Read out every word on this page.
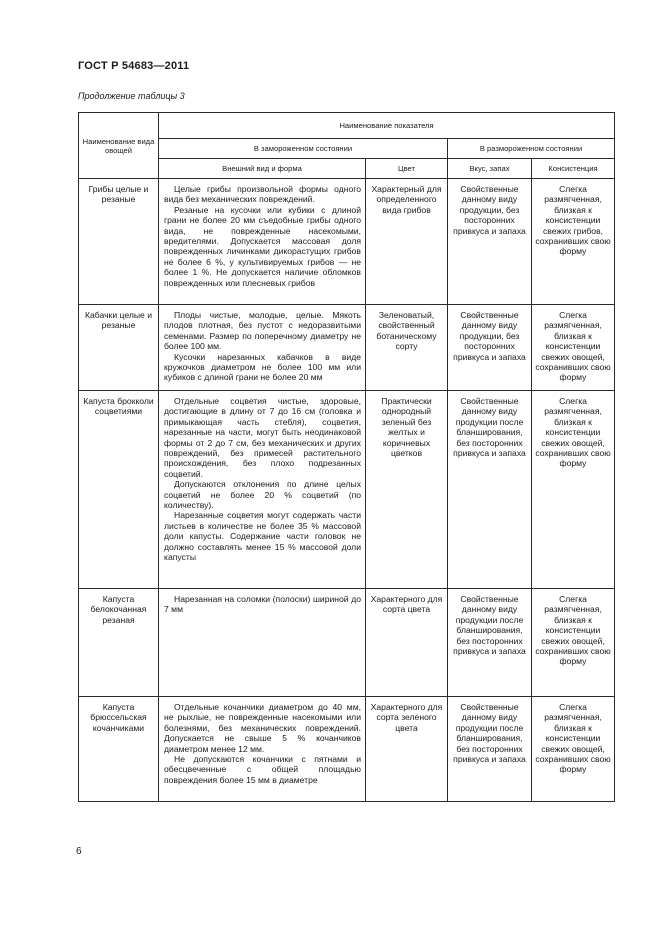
ГОСТ Р 54683—2011
Продолжение таблицы 3
Наименование вида овощей	Наименование показателя			
	В замороженном состоянии		В размороженном состоянии	
	Внешний вид и форма	Цвет	Вкус, запах	Консистенция
Грибы целые и резаные	Целые грибы произвольной формы одного вида без механических повреждений.

Резаные на кусочки или кубики с длиной грани не более 20 мм съедобные грибы одного вида, не поврежденные насекомыми, вредителями. Допускается массовая доля поврежденных личинками дикорастущих грибов не более 6 %, у культивируемых грибов — не более 1 %. Не допускается наличие обломков поврежденных или плесневых грибов	Характерный для определенного вида грибов	Свойственные данному виду продукции, без посторонних привкуса и запаха	Слегка размягченная, близкая к консистенции свежих грибов, сохранивших свою форму
Кабачки целые и резаные	Плоды чистые, молодые, целые. Мякоть плодов плотная, без пустот с недоразвитыми семенами. Размер по поперечному диаметру не более 100 мм.

Кусочки нарезанных кабачков в виде кружочков диаметром не более 100 мм или кубиков с длиной грани не более 20 мм	Зеленоватый, свойственный ботаническому сорту	Свойственные данному виду продукции, без посторонних привкуса и запаха	Слегка размягченная, близкая к консистенции свежих овощей, сохранивших свою форму
Капуста брокколи соцветиями	Отдельные соцветия чистые, здоровые, достигающие в длину от 7 до 16 см (головка и примыкающая часть стебля), соцветия, нарезанные на части, могут быть неодинаковой формы от 2 до 7 см, без механических и других повреждений, без примесей растительного происхождения, без плохо подрезанных соцветий.

Допускаются отклонения по длине целых соцветий не более 20 % соцветий (по количеству).

Нарезанные соцветия могут содержать части листьев в количестве не более 35 % массовой доли капусты. Содержание части головок не должно составлять менее 15 % массовой доли капусты	Практически однородный зеленый без желтых и коричневых цветков	Свойственные данному виду продукции после бланширования, без посторонних привкуса и запаха	Слегка размягченная, близкая к консистенции свежих овощей, сохранивших свою форму
Капуста белокочанная резаная	Нарезанная на соломки (полоски) шириной до 7 мм	Характерного для сорта цвета	Свойственные данному виду продукции после бланширования, без посторонних привкуса и запаха	Слегка размягченная, близкая к консистенции свежих овощей, сохранивших свою форму
Капуста брюссельская кочанчиками	Отдельные кочанчики диаметром до 40 мм, не рыхлые, не поврежденные насекомыми или болезнями, без механических повреждений. Допускается не свыше 5 % кочанчиков диаметром менее 12 мм.

Не допускаются кочанчики с пятнами и обесцвеченные с общей площадью повреждения более 15 мм в диаметре	Характерного для сорта зеленого цвета	Свойственные данному виду продукции после бланширования, без посторонних привкуса и запаха	Слегка размягченная, близкая к консистенции свежих овощей, сохранивших свою форму
6
